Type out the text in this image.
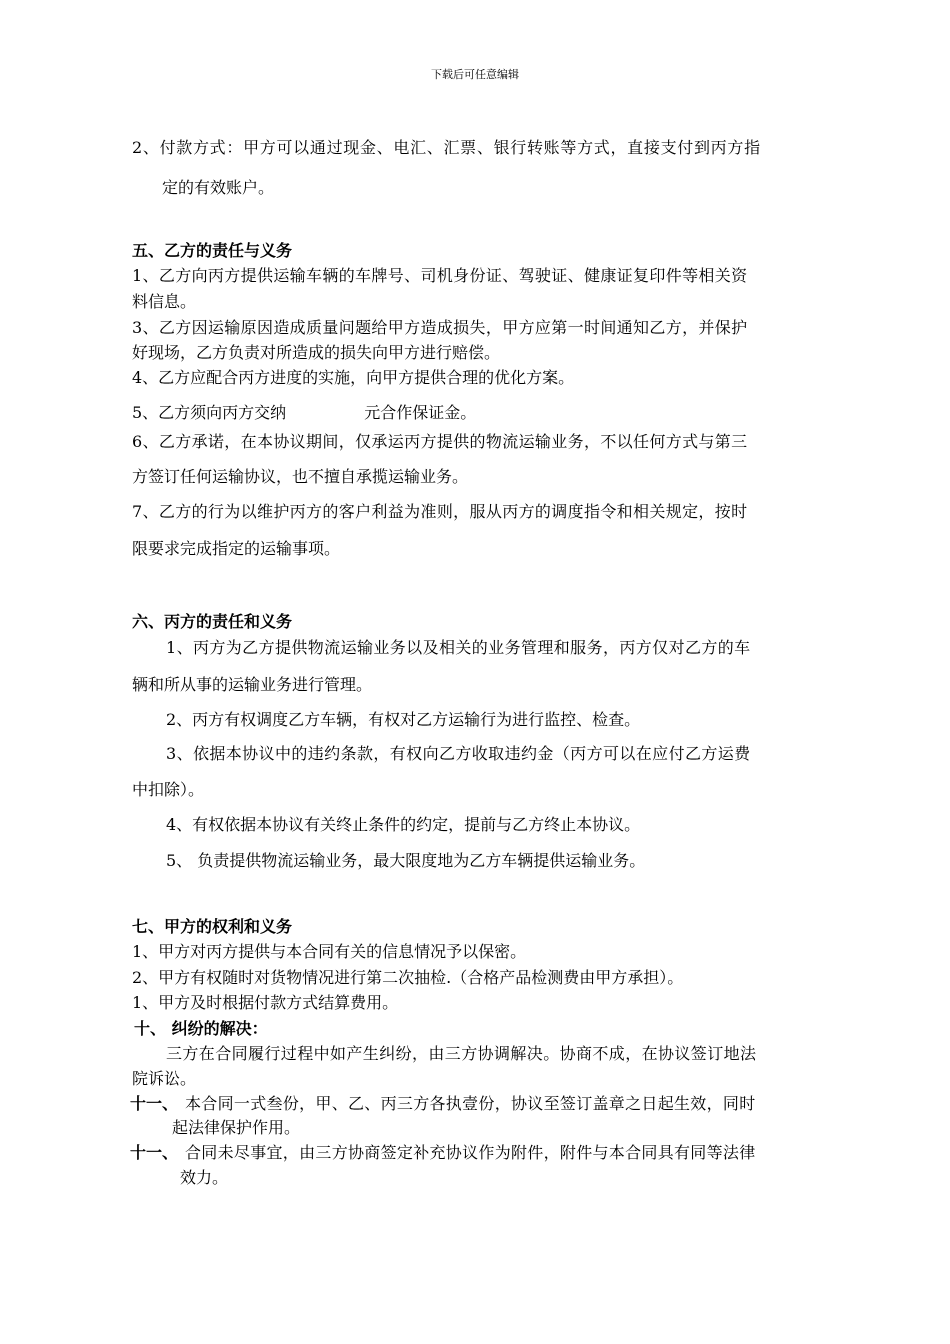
下载后可任意编辑
2、付款方式：甲方可以通过现金、电汇、汇票、银行转账等方式，直接支付到丙方指
定的有效账户。
五、乙方的责任与义务
1、乙方向丙方提供运输车辆的车牌号、司机身份证、驾驶证、健康证复印件等相关资
料信息。
3、乙方因运输原因造成质量问题给甲方造成损失，甲方应第一时间通知乙方，并保护
好现场，乙方负责对所造成的损失向甲方进行赔偿。
4、乙方应配合丙方进度的实施，向甲方提供合理的优化方案。
5、乙方须向丙方交纳	元合作保证金。
6、乙方承诺，在本协议期间，仅承运丙方提供的物流运输业务，不以任何方式与第三
方签订任何运输协议，也不擅自承揽运输业务。
7、乙方的行为以维护丙方的客户利益为准则，服从丙方的调度指令和相关规定，按时
限要求完成指定的运输事项。
六、丙方的责任和义务
1、丙方为乙方提供物流运输业务以及相关的业务管理和服务，丙方仅对乙方的车
辆和所从事的运输业务进行管理。
2、丙方有权调度乙方车辆，有权对乙方运输行为进行监控、检查。
3、依据本协议中的违约条款，有权向乙方收取违约金（丙方可以在应付乙方运费
中扣除）。
4、有权依据本协议有关终止条件的约定，提前与乙方终止本协议。
5、 负责提供物流运输业务，最大限度地为乙方车辆提供运输业务。
七、甲方的权利和义务
1、甲方对丙方提供与本合同有关的信息情况予以保密。
2、甲方有权随时对货物情况进行第二次抽检.（合格产品检测费由甲方承担）。
1、甲方及时根据付款方式结算费用。
十、 纠纷的解决：
三方在合同履行过程中如产生纠纷，由三方协调解决。协商不成，在协议签订地法
院诉讼。
十一、 本合同一式叁份，甲、乙、丙三方各执壹份，协议至签订盖章之日起生效，同时
起法律保护作用。
十一、 合同未尽事宜，由三方协商签定补充协议作为附件，附件与本合同具有同等法律
效力。
